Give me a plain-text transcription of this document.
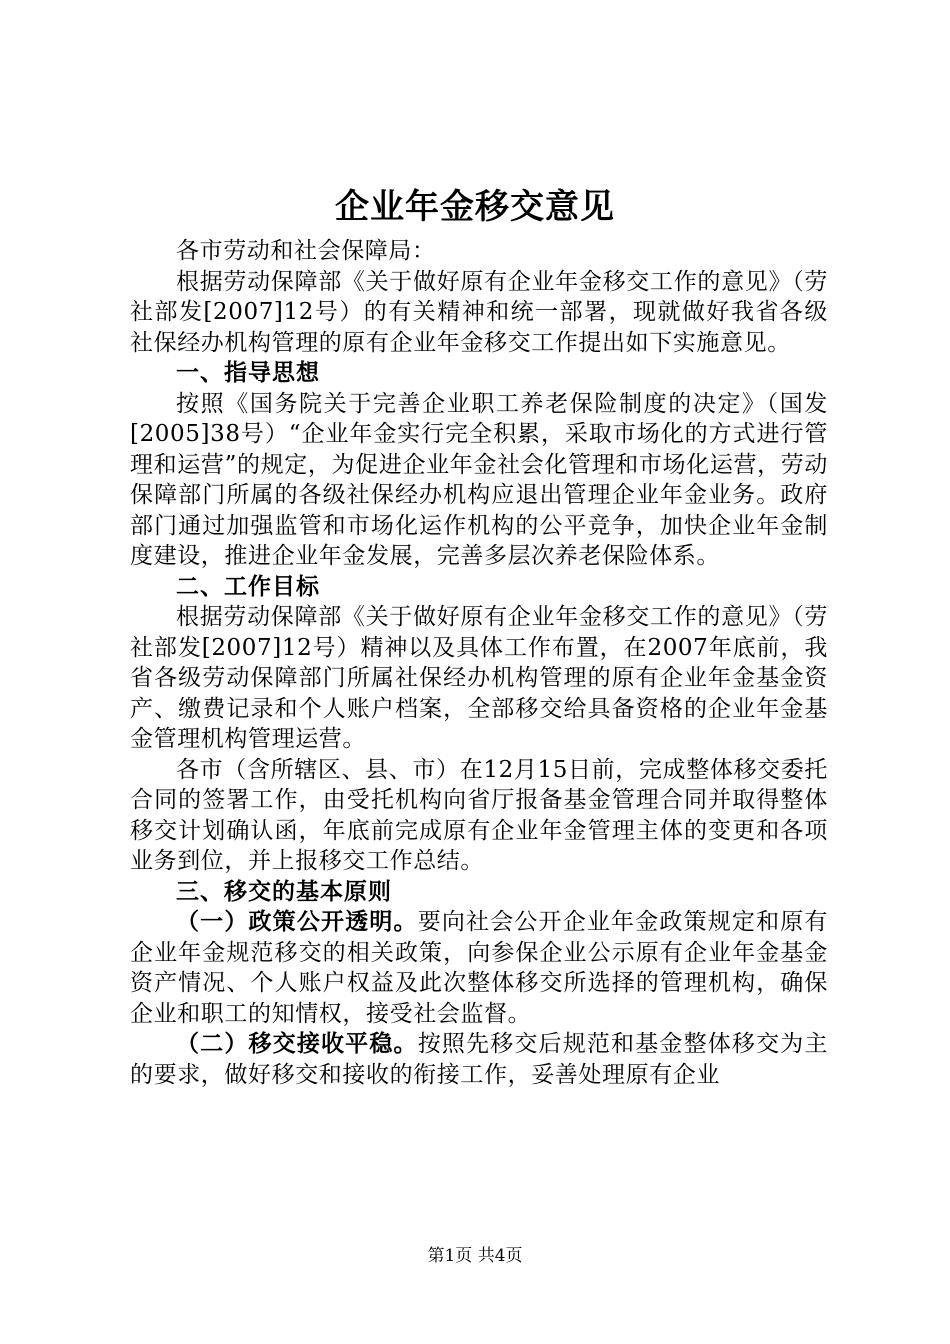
企业年金移交意见

各市劳动和社会保障局：

根据劳动保障部《关于做好原有企业年金移交工作的意见》（劳社部发[2007]12号）的有关精神和统一部署，现就做好我省各级社保经办机构管理的原有企业年金移交工作提出如下实施意见。

一、指导思想

按照《国务院关于完善企业职工养老保险制度的决定》（国发[2005]38号）“企业年金实行完全积累，采取市场化的方式进行管理和运营”的规定，为促进企业年金社会化管理和市场化运营，劳动保障部门所属的各级社保经办机构应退出管理企业年金业务。政府部门通过加强监管和市场化运作机构的公平竞争，加快企业年金制度建设，推进企业年金发展，完善多层次养老保险体系。

二、工作目标

根据劳动保障部《关于做好原有企业年金移交工作的意见》（劳社部发[2007]12号）精神以及具体工作布置，在2007年底前，我省各级劳动保障部门所属社保经办机构管理的原有企业年金基金资产、缴费记录和个人账户档案，全部移交给具备资格的企业年金基金管理机构管理运营。

各市（含所辖区、县、市）在12月15日前，完成整体移交委托合同的签署工作，由受托机构向省厅报备基金管理合同并取得整体移交计划确认函，年底前完成原有企业年金管理主体的变更和各项业务到位，并上报移交工作总结。

三、移交的基本原则

（一）政策公开透明。要向社会公开企业年金政策规定和原有企业年金规范移交的相关政策，向参保企业公示原有企业年金基金资产情况、个人账户权益及此次整体移交所选择的管理机构，确保企业和职工的知情权，接受社会监督。

（二）移交接收平稳。按照先移交后规范和基金整体移交为主的要求，做好移交和接收的衔接工作，妥善处理原有企业

第1页 共4页
